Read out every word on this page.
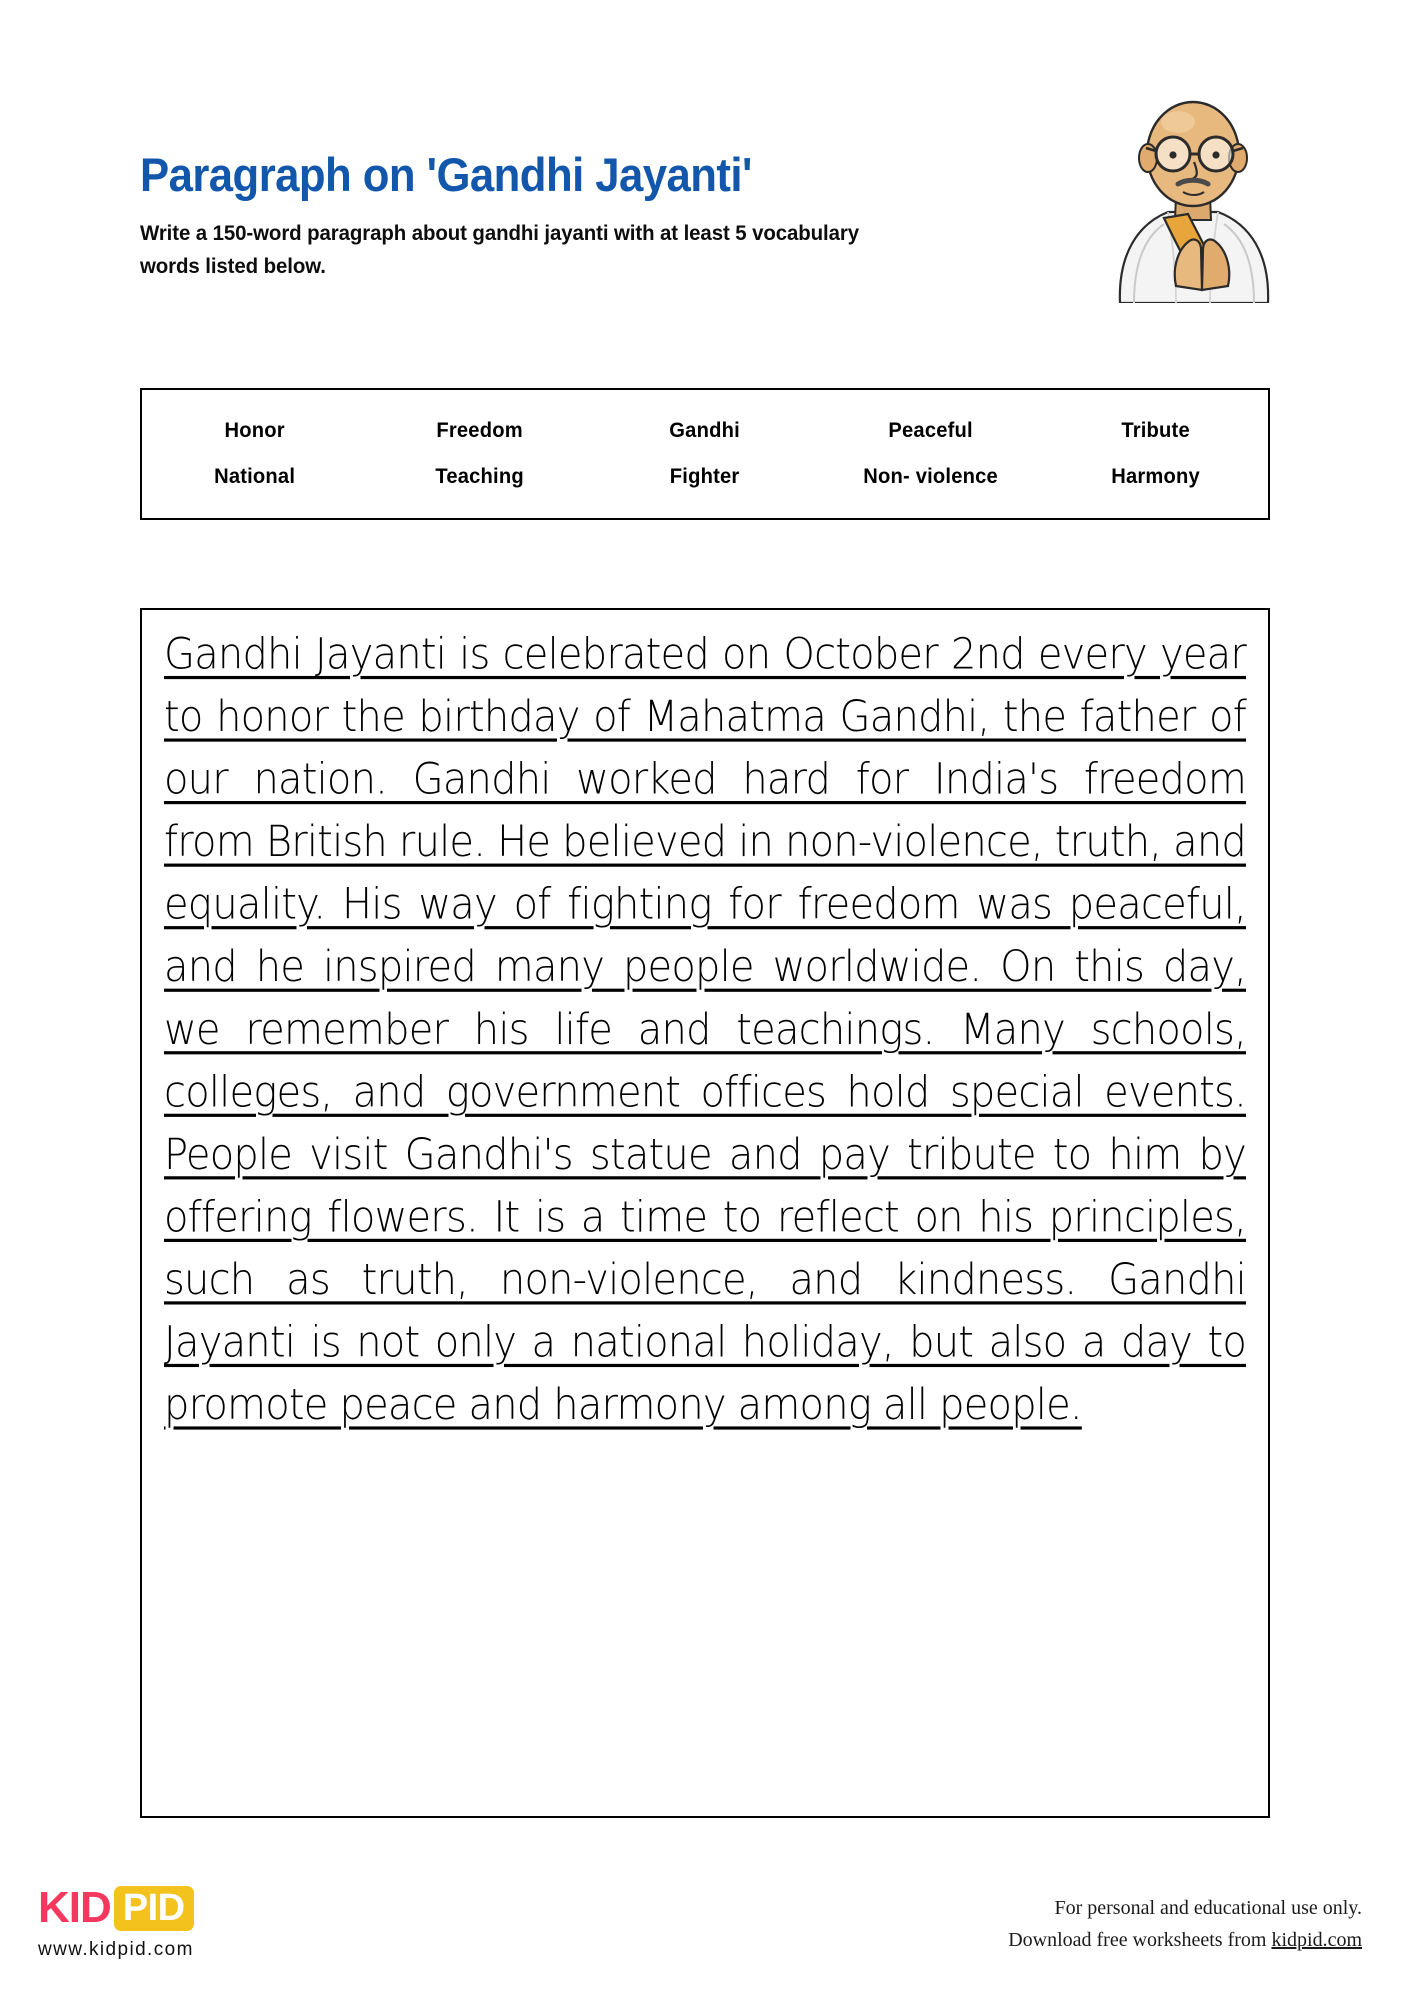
Paragraph on 'Gandhi Jayanti'
Write a 150-word paragraph about gandhi jayanti with at least 5 vocabulary words listed below.
Honor	Freedom	Gandhi	Peaceful	Tribute
National	Teaching	Fighter	Non- violence	Harmony

Gandhi Jayanti is celebrated on October 2nd every year to honor the birthday of Mahatma Gandhi, the father of our nation. Gandhi worked hard for India's freedom from British rule. He believed in non-violence, truth, and equality. His way of fighting for freedom was peaceful, and he inspired many people worldwide. On this day, we remember his life and teachings. Many schools, colleges, and government offices hold special events. People visit Gandhi's statue and pay tribute to him by offering flowers. It is a time to reflect on his principles, such as truth, non-violence, and kindness. Gandhi Jayanti is not only a national holiday, but also a day to promote peace and harmony among all people.

KID PID
www.kidpid.com
For personal and educational use only.
Download free worksheets from kidpid.com
